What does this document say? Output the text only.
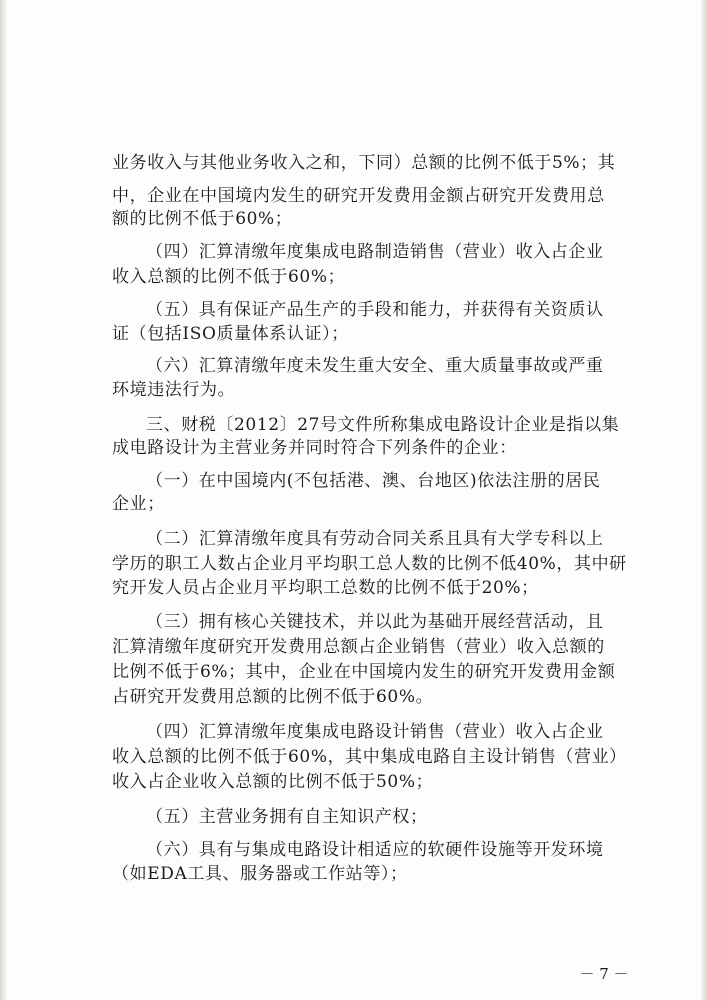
业务收入与其他业务收入之和，下同）总额的比例不低于5%；其
中，企业在中国境内发生的研究开发费用金额占研究开发费用总
额的比例不低于60%；
（四）汇算清缴年度集成电路制造销售（营业）收入占企业
收入总额的比例不低于60%；
（五）具有保证产品生产的手段和能力，并获得有关资质认
证（包括ISO质量体系认证）；
（六）汇算清缴年度未发生重大安全、重大质量事故或严重
环境违法行为。
三、财税〔2012〕27号文件所称集成电路设计企业是指以集
成电路设计为主营业务并同时符合下列条件的企业：
（一）在中国境内(不包括港、澳、台地区)依法注册的居民
企业；
（二）汇算清缴年度具有劳动合同关系且具有大学专科以上
学历的职工人数占企业月平均职工总人数的比例不低40%，其中研
究开发人员占企业月平均职工总数的比例不低于20%；
（三）拥有核心关键技术，并以此为基础开展经营活动，且
汇算清缴年度研究开发费用总额占企业销售（营业）收入总额的
比例不低于6%；其中，企业在中国境内发生的研究开发费用金额
占研究开发费用总额的比例不低于60%。
（四）汇算清缴年度集成电路设计销售（营业）收入占企业
收入总额的比例不低于60%，其中集成电路自主设计销售（营业）
收入占企业收入总额的比例不低于50%；
（五）主营业务拥有自主知识产权；
（六）具有与集成电路设计相适应的软硬件设施等开发环境
（如EDA工具、服务器或工作站等）；
－ 7 －
